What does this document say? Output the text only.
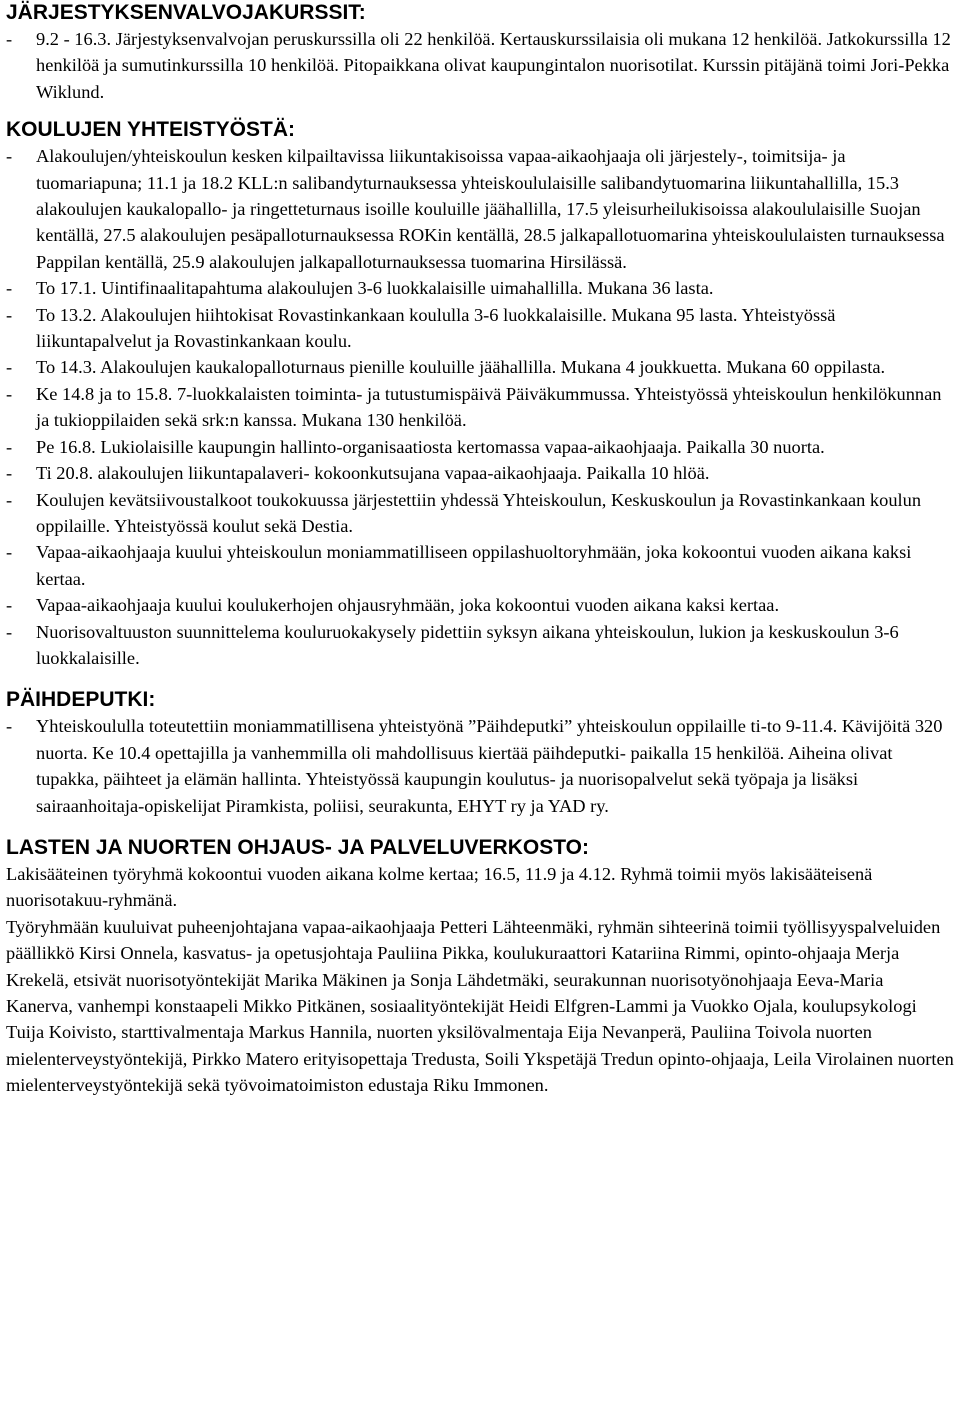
JÄRJESTYKSENVALVOJAKURSSIT:
- 9.2 - 16.3. Järjestyksenvalvojan peruskurssilla oli 22 henkilöä. Kertauskurssilaisia oli mukana 12 henkilöä. Jatkokurssilla 12 henkilöä ja sumutinkurssilla 10 henkilöä. Pitopaikkana olivat kaupungintalon nuorisotilat. Kurssin pitäjänä toimi Jori-Pekka Wiklund.
KOULUJEN YHTEISTYÖSTÄ:
- Alakoulujen/yhteiskoulun kesken kilpailtavissa liikuntakisoissa vapaa-aikaohjaaja oli järjestely-, toimitsija- ja tuomariapuna; 11.1 ja 18.2 KLL:n salibandyturnauksessa yhteiskoululaisille salibandytuomarina liikuntahallilla, 15.3 alakoulujen kaukalopallo- ja ringetteturnaus isoille kouluille jäähallilla, 17.5 yleisurheilukisoissa alakoululaisille Suojan kentällä, 27.5 alakoulujen pesäpalloturnauksessa ROKin kentällä, 28.5 jalkapallotuomarina yhteiskoululaisten turnauksessa Pappilan kentällä, 25.9 alakoulujen jalkapalloturnauksessa tuomarina Hirsilässä.
- To 17.1. Uintifinaalitapahtuma alakoulujen 3-6 luokkalaisille uimahallilla. Mukana 36 lasta.
- To 13.2. Alakoulujen hiihtokisat Rovastinkankaan koululla 3-6 luokkalaisille. Mukana 95 lasta. Yhteistyössä liikuntapalvelut ja Rovastinkankaan koulu.
- To 14.3. Alakoulujen kaukalopalloturnaus pienille kouluille jäähallilla. Mukana 4 joukkuetta. Mukana 60 oppilasta.
- Ke 14.8 ja to 15.8. 7-luokkalaisten toiminta- ja tutustumispäivä Päiväkummussa. Yhteistyössä yhteiskoulun henkilökunnan ja tukioppilaiden sekä srk:n kanssa. Mukana 130 henkilöä.
- Pe 16.8. Lukiolaisille kaupungin hallinto-organisaatiosta kertomassa vapaa-aikaohjaaja. Paikalla 30 nuorta.
- Ti 20.8. alakoulujen liikuntapalaveri- kokoonkutsujana vapaa-aikaohjaaja. Paikalla 10 hlöä.
- Koulujen kevätsiivoustalkoot toukokuussa järjestettiin yhdessä Yhteiskoulun, Keskuskoulun ja Rovastinkankaan koulun oppilaille. Yhteistyössä koulut sekä Destia.
- Vapaa-aikaohjaaja kuului yhteiskoulun moniammatilliseen oppilashuoltoryhmään, joka kokoontui vuoden aikana kaksi kertaa.
- Vapaa-aikaohjaaja kuului koulukerhojen ohjausryhmään, joka kokoontui vuoden aikana kaksi kertaa.
- Nuorisovaltuuston suunnittelema kouluruokakysely pidettiin syksyn aikana yhteiskoulun, lukion ja keskuskoulun 3-6 luokkalaisille.
PÄIHDEPUTKI:
- Yhteiskoululla toteutettiin moniammatillisena yhteistyönä ”Päihdeputki” yhteiskoulun oppilaille ti-to 9-11.4. Kävijöitä 320 nuorta. Ke 10.4 opettajilla ja vanhemmilla oli mahdollisuus kiertää päihdeputki- paikalla 15 henkilöä. Aiheina olivat tupakka, päihteet ja elämän hallinta. Yhteistyössä kaupungin koulutus- ja nuorisopalvelut sekä työpaja ja lisäksi sairaanhoitaja-opiskelijat Piramkista, poliisi, seurakunta, EHYT ry ja YAD ry.
LASTEN JA NUORTEN OHJAUS- JA PALVELUVERKOSTO:

Lakisääteinen työryhmä kokoontui vuoden aikana kolme kertaa; 16.5, 11.9 ja 4.12. Ryhmä toimii myös lakisääteisenä nuorisotakuu-ryhmänä.

Työryhmään kuuluivat puheenjohtajana vapaa-aikaohjaaja Petteri Lähteenmäki, ryhmän sihteerinä toimii työllisyyspalveluiden päällikkö Kirsi Onnela, kasvatus- ja opetusjohtaja Pauliina Pikka, koulukuraattori Katariina Rimmi, opinto-ohjaaja Merja Krekelä, etsivät nuorisotyöntekijät Marika Mäkinen ja Sonja Lähdetmäki, seurakunnan nuorisotyönohjaaja Eeva-Maria Kanerva, vanhempi konstaapeli Mikko Pitkänen, sosiaalityöntekijät Heidi Elfgren-Lammi ja Vuokko Ojala, koulupsykologi Tuija Koivisto, starttivalmentaja Markus Hannila, nuorten yksilövalmentaja Eija Nevanperä, Pauliina Toivola nuorten mielenterveystyöntekijä, Pirkko Matero erityisopettaja Tredusta, Soili Ykspetäjä Tredun opinto-ohjaaja, Leila Virolainen nuorten mielenterveystyöntekijä sekä työvoimatoimiston edustaja Riku Immonen.
